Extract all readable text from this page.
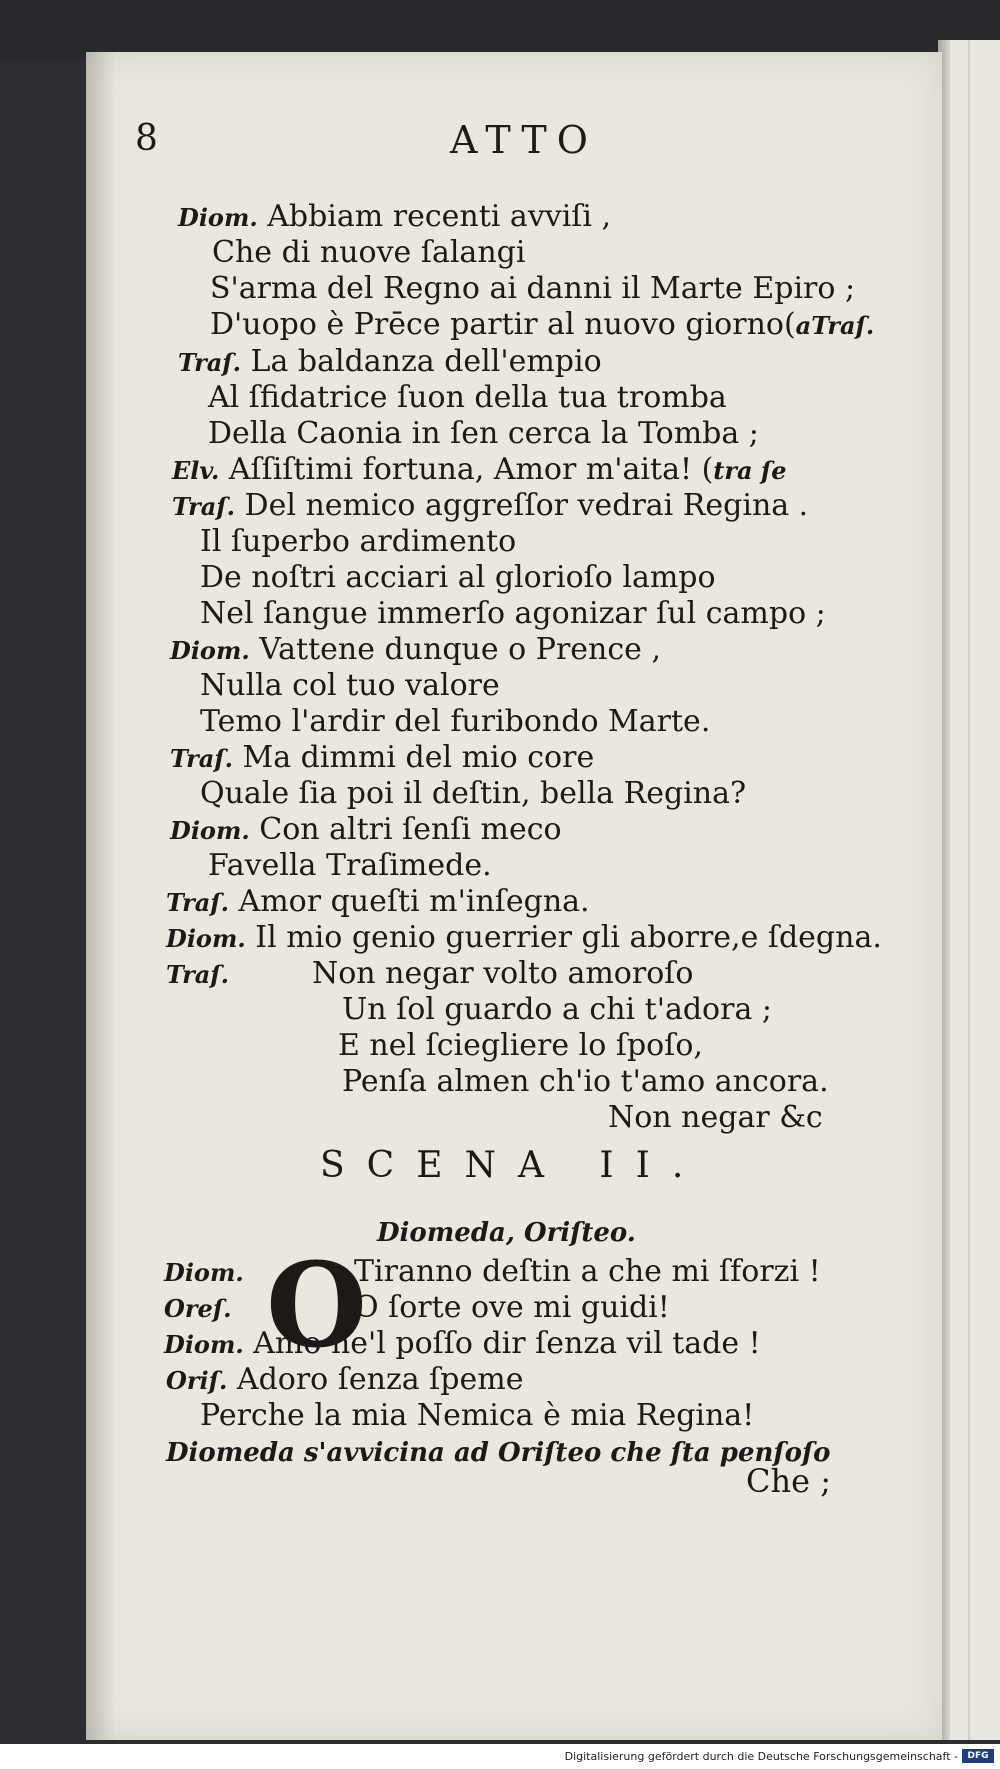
8	ATTO
Diom. Abbiam recenti avviſi ,
Che di nuove ſalangi
S'arma del Regno ai danni il Marte Epiro ;
D'uopo è Prēce partir al nuovo giorno(aTraſ.
Traſ. La baldanza dell'empio
Al ſfidatrice ſuon della tua tromba
Della Caonia in ſen cerca la Tomba ;
Elv. Aſſiſtimi fortuna, Amor m'aita! (tra ſe
Traſ. Del nemico aggreſſor vedrai Regina .
Il ſuperbo ardimento
De noſtri acciari al glorioſo lampo
Nel ſangue immerſo agonizar ſul campo ;
Diom. Vattene dunque o Prence ,
Nulla col tuo valore
Temo l'ardir del furibondo Marte.
Traſ. Ma dimmi del mio core
Quale ſia poi il deſtin, bella Regina?
Diom. Con altri ſenſi meco
Favella Traſimede.
Traſ. Amor queſti m'inſegna.
Diom. Il mio genio guerrier gli aborre,e ſdegna.
Traſ.	Non negar volto amoroſo
Un ſol guardo a chi t'adora ;
E nel ſciegliere lo ſpoſo,
Penſa almen ch'io t'amo ancora.
Non negar &c
SCENA II.
Diomeda, Oriſteo.
O
Diom.	Tiranno deſtin a che mi ſforzi !
Oreſ.	O ſorte ove mi guidi!
Diom. Amo ne'l poſſo dir ſenza vil tade !
Oriſ. Adoro ſenza ſpeme
Perche la mia Nemica è mia Regina!
Diomeda s'avvicina ad Oriſteo che ſta penſoſo
Che ;
Digitalisierung gefördert durch die Deutsche Forschungsgemeinschaft -	DFG
